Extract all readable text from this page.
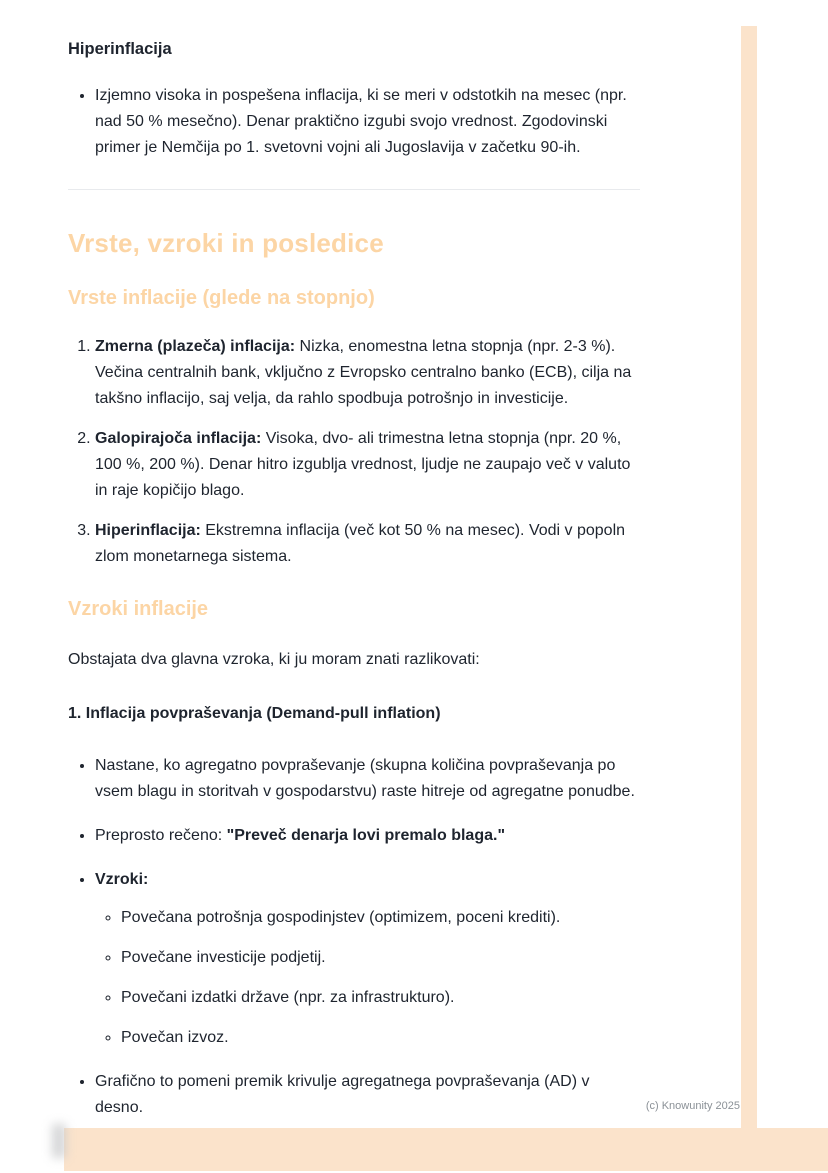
Hiperinflacija
• Izjemno visoka in pospešena inflacija, ki se meri v odstotkih na mesec (npr. nad 50 % mesečno). Denar praktično izgubi svojo vrednost. Zgodovinski primer je Nemčija po 1. svetovni vojni ali Jugoslavija v začetku 90-ih.
Vrste, vzroki in posledice
Vrste inflacije (glede na stopnjo)
1. Zmerna (plazeča) inflacija: Nizka, enomestna letna stopnja (npr. 2-3 %). Večina centralnih bank, vključno z Evropsko centralno banko (ECB), cilja na takšno inflacijo, saj velja, da rahlo spodbuja potrošnjo in investicije.
2. Galopirajoča inflacija: Visoka, dvo- ali trimestna letna stopnja (npr. 20 %, 100 %, 200 %). Denar hitro izgublja vrednost, ljudje ne zaupajo več v valuto in raje kopičijo blago.
3. Hiperinflacija: Ekstremna inflacija (več kot 50 % na mesec). Vodi v popoln zlom monetarnega sistema.
Vzroki inflacije

Obstajata dva glavna vzroka, ki ju moram znati razlikovati:

1. Inflacija povpraševanja (Demand-pull inflation)

• Nastane, ko agregatno povpraševanje (skupna količina povpraševanja po vsem blagu in storitvah v gospodarstvu) raste hitreje od agregatne ponudbe.
• Preprosto rečeno: "Preveč denarja lovi premalo blaga."
• Vzroki:
◦ Povečana potrošnja gospodinjstev (optimizem, poceni krediti).
◦ Povečane investicije podjetij.
◦ Povečani izdatki države (npr. za infrastrukturo).
◦ Povečan izvoz.
• Grafično to pomeni premik krivulje agregatnega povpraševanja (AD) v desno.	(c) Knowunity 2025
